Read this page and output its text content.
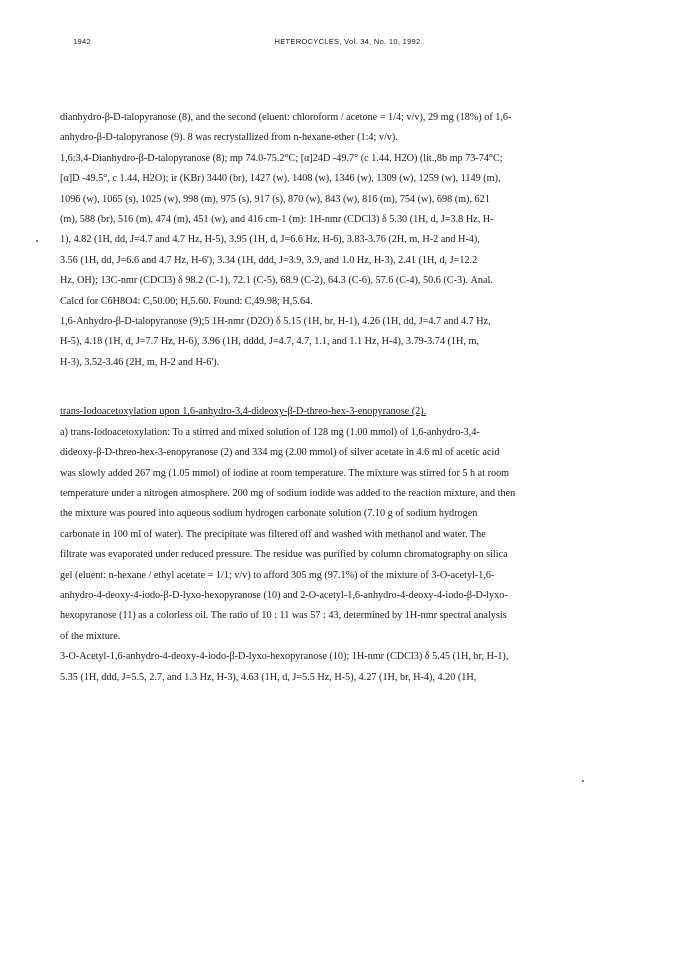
1942	HETEROCYCLES, Vol. 34, No. 10, 1992

dianhydro-β-D-talopyranose (8), and the second (eluent: chloroform / acetone = 1/4; v/v), 29 mg (18%) of 1,6-

anhydro-β-D-talopyranose (9). 8 was recrystallized from n-hexane-ether (1:4; v/v).

1,6:3,4-Dianhydro-β-D-talopyranose (8); mp 74.0-75.2°C; [α]24D -49.7° (c 1.44, H2O) (lit.,8b mp 73-74°C;

[α]D -49.5°, c 1.44, H2O); ir (KBr) 3440 (br), 1427 (w), 1408 (w), 1346 (w), 1309 (w), 1259 (w), 1149 (m),

1096 (w), 1065 (s), 1025 (w), 998 (m), 975 (s), 917 (s), 870 (w), 843 (w), 816 (m), 754 (w), 698 (m), 621

(m), 588 (br), 516 (m), 474 (m), 451 (w), and 416 cm-1 (m): 1H-nmr (CDCl3) δ 5.30 (1H, d, J=3.8 Hz, H-

1), 4.82 (1H, dd, J=4.7 and 4.7 Hz, H-5), 3.95 (1H, d, J=6.6 Hz, H-6), 3.83-3.76 (2H, m, H-2 and H-4),

3.56 (1H, dd, J=6.6 and 4.7 Hz, H-6'), 3.34 (1H, ddd, J=3.9, 3.9, and 1.0 Hz, H-3), 2.41 (1H, d, J=12.2

Hz, OH); 13C-nmr (CDCl3) δ 98.2 (C-1), 72.1 (C-5), 68.9 (C-2), 64.3 (C-6), 57.6 (C-4), 50.6 (C-3). Anal.

Calcd for C6H8O4: C,50.00; H,5.60. Found: C,49.98; H,5.64.

1,6-Anhydro-β-D-talopyranose (9);5 1H-nmr (D2O) δ 5.15 (1H, br, H-1), 4.26 (1H, dd, J=4.7 and 4.7 Hz,

H-5), 4.18 (1H, d, J=7.7 Hz, H-6), 3.96 (1H, dddd, J=4.7, 4.7, 1.1, and 1.1 Hz, H-4), 3.79-3.74 (1H, m,

H-3), 3.52-3.46 (2H, m, H-2 and H-6').

trans-Iodoacetoxylation upon 1,6-anhydro-3,4-dideoxy-β-D-threo-hex-3-enopyranose (2).

a) trans-Iodoacetoxylation: To a stirred and mixed solution of 128 mg (1.00 mmol) of 1,6-anhydro-3,4-

dideoxy-β-D-threo-hex-3-enopyranose (2) and 334 mg (2.00 mmol) of silver acetate in 4.6 ml of acetic acid

was slowly added 267 mg (1.05 mmol) of iodine at room temperature. The mixture was stirred for 5 h at room

temperature under a nitrogen atmosphere. 200 mg of sodium iodide was added to the reaction mixture, and then

the mixture was poured into aqueous sodium hydrogen carbonate solution (7.10 g of sodium hydrogen

carbonate in 100 ml of water). The precipitate was filtered off and washed with methanol and water. The

filtrate was evaporated under reduced pressure. The residue was purified by column chromatography on silica

gel (eluent: n-hexane / ethyl acetate = 1/1; v/v) to afford 305 mg (97.1%) of the mixture of 3-O-acetyl-1,6-

anhydro-4-deoxy-4-iodo-β-D-lyxo-hexopyranose (10) and 2-O-acetyl-1,6-anhydro-4-deoxy-4-iodo-β-D-lyxo-

hexopyranose (11) as a colorless oil. The ratio of 10 : 11 was 57 : 43, determined by 1H-nmr spectral analysis

of the mixture.

3-O-Acetyl-1,6-anhydro-4-deoxy-4-iodo-β-D-lyxo-hexopyranose (10); 1H-nmr (CDCl3) δ 5.45 (1H, br, H-1),

5.35 (1H, ddd, J=5.5, 2.7, and 1.3 Hz, H-3), 4.63 (1H, d, J=5.5 Hz, H-5), 4.27 (1H, br, H-4), 4.20 (1H,
